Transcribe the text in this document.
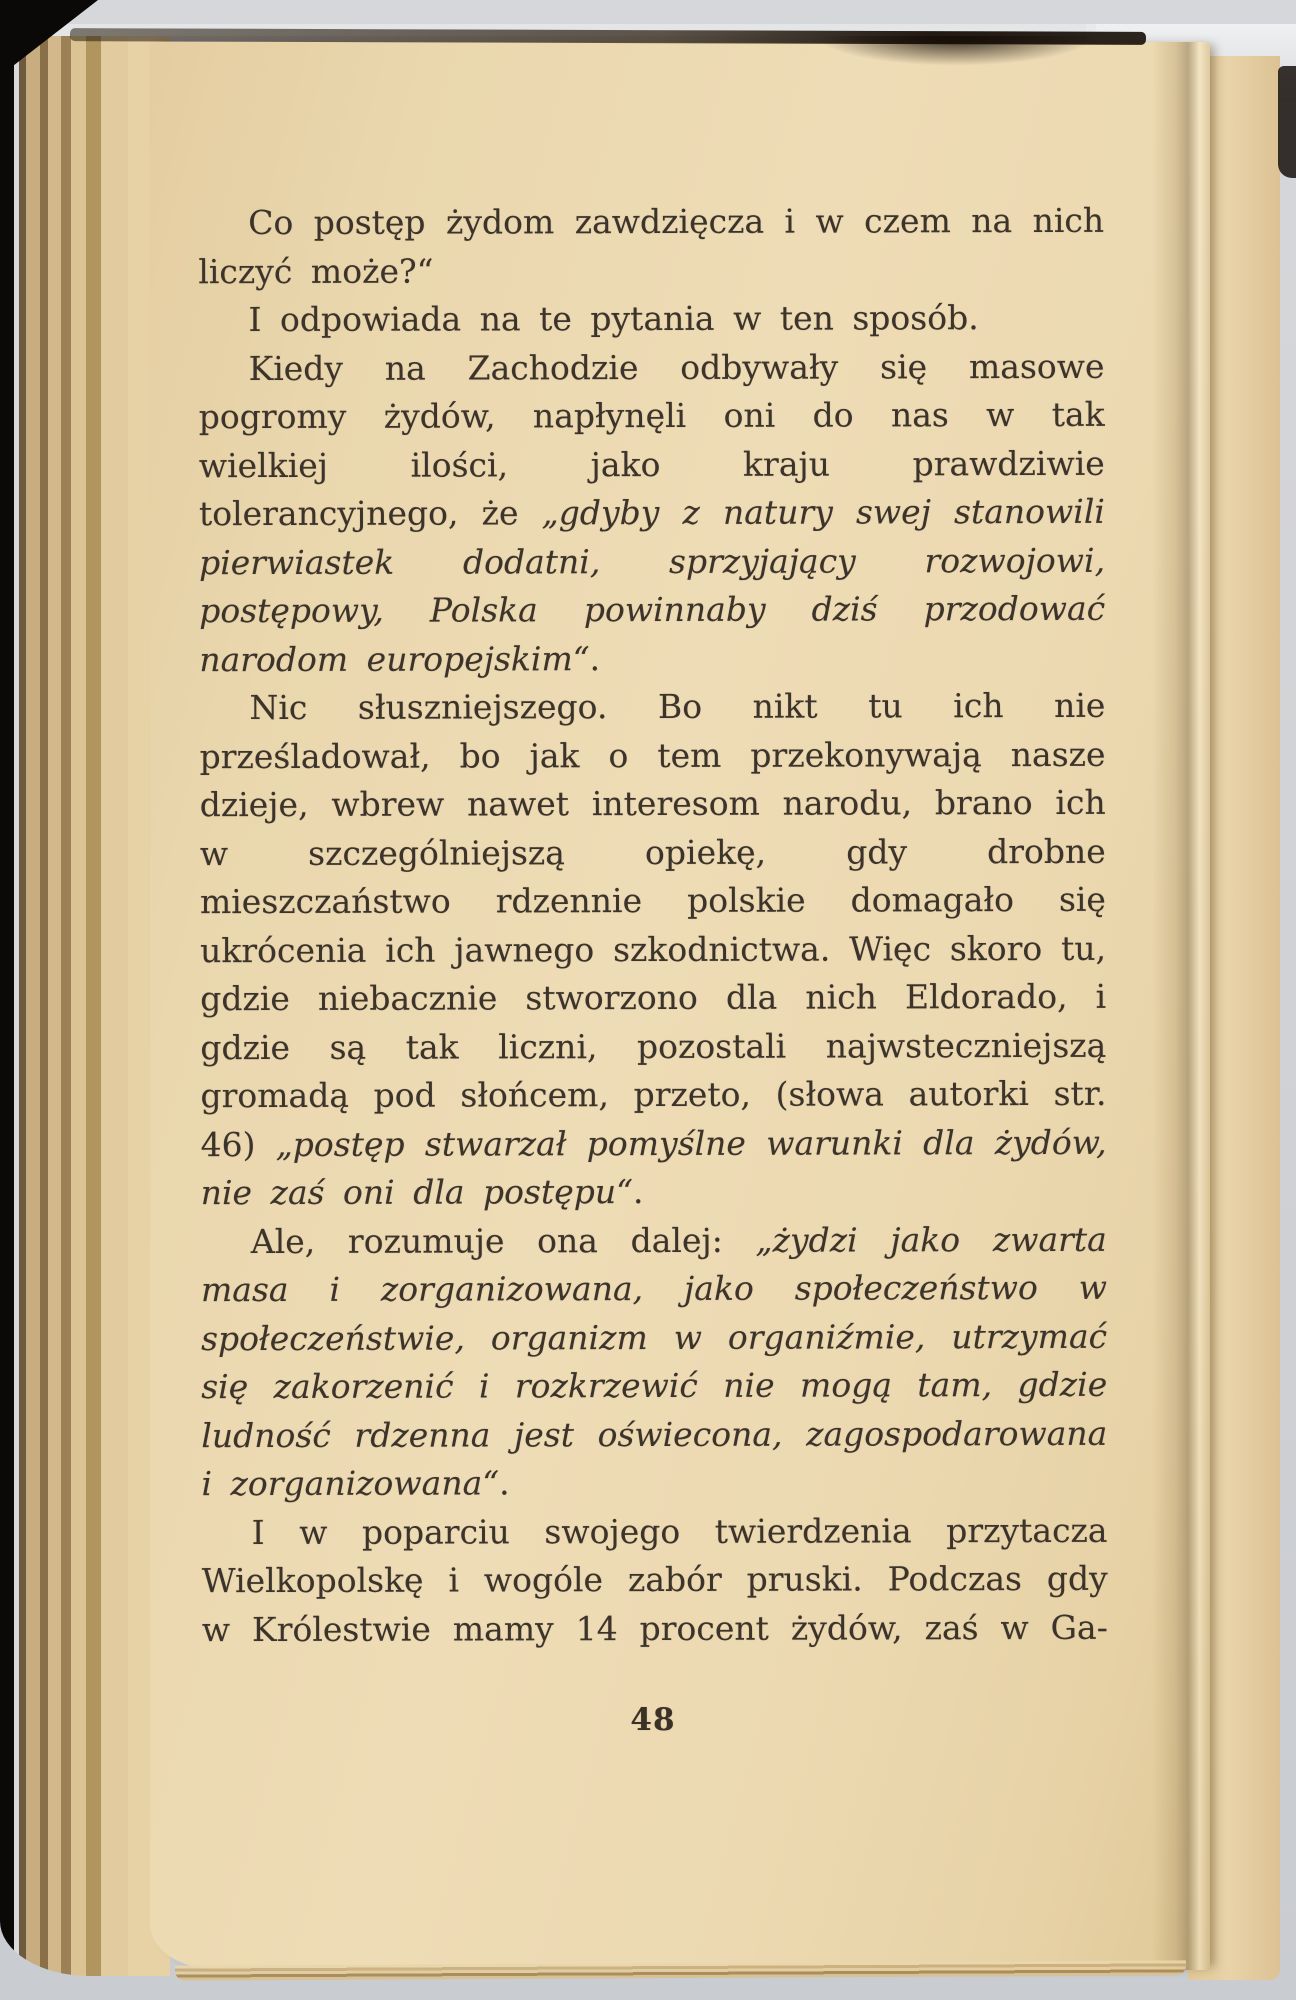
Co postęp żydom zawdzięcza i w czem na nich liczyć może?“

I odpowiada na te pytania w ten sposób.

Kiedy na Zachodzie odbywały się masowe pogromy żydów, napłynęli oni do nas w tak wielkiej ilości, jako kraju prawdziwie tolerancyjnego, że „gdyby z natury swej stanowili pierwiastek dodatni, sprzyjający rozwojowi, postępowy, Polska powinnaby dziś przodować narodom europejskim“.

Nic słuszniejszego. Bo nikt tu ich nie prześladował, bo jak o tem przekonywają nasze dzieje, wbrew nawet interesom narodu, brano ich w szczególniejszą opiekę, gdy drobne mieszczaństwo rdzennie polskie domagało się ukrócenia ich jawnego szkodnictwa. Więc skoro tu, gdzie niebacznie stworzono dla nich Eldorado, i gdzie są tak liczni, pozostali najwsteczniejszą gromadą pod słońcem, przeto, (słowa autorki str. 46) „postęp stwarzał pomyślne warunki dla żydów, nie zaś oni dla postępu“.

Ale, rozumuje ona dalej: „żydzi jako zwarta masa i zorganizowana, jako społeczeństwo w społeczeństwie, organizm w organiźmie, utrzymać się zakorzenić i rozkrzewić nie mogą tam, gdzie ludność rdzenna jest oświecona, zagospodarowana i zorganizowana“.

I w poparciu swojego twierdzenia przytacza Wielkopolskę i wogóle zabór pruski. Podczas gdy w Królestwie mamy 14 procent żydów, zaś w Ga-

48
